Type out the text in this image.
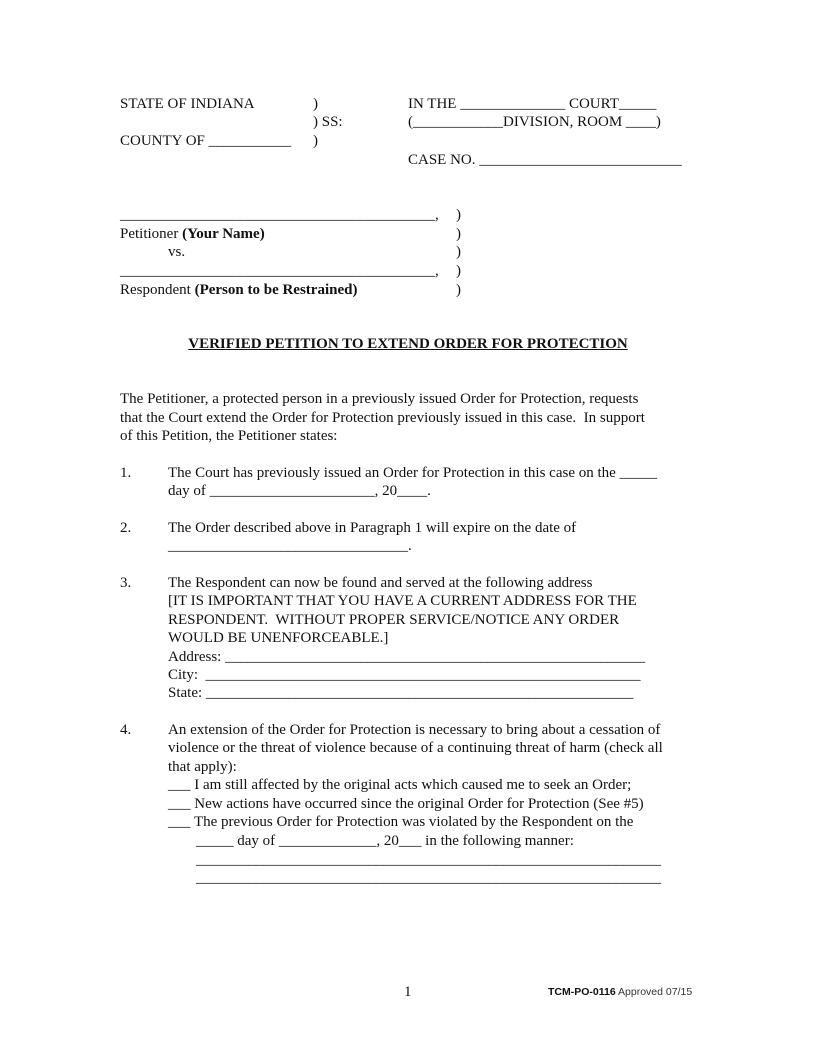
STATE OF INDIANA	)
) SS:
COUNTY OF ___________ )
IN THE ______________ COURT_____
(____________DIVISION, ROOM ____)
CASE NO. ___________________________
__________________________________________,
Petitioner (Your Name)
vs.
__________________________________________,
Respondent (Person to be Restrained)
)
)
)
)
)
VERIFIED PETITION TO EXTEND ORDER FOR PROTECTION
The Petitioner, a protected person in a previously issued Order for Protection, requests
that the Court extend the Order for Protection previously issued in this case.  In support
of this Petition, the Petitioner states:
1. The Court has previously issued an Order for Protection in this case on the _____
day of ______________________, 20____.
2. The Order described above in Paragraph 1 will expire on the date of
________________________________.
3. The Respondent can now be found and served at the following address
[IT IS IMPORTANT THAT YOU HAVE A CURRENT ADDRESS FOR THE
RESPONDENT.  WITHOUT PROPER SERVICE/NOTICE ANY ORDER
WOULD BE UNENFORCEABLE.]
Address: ________________________________________________________
City:  __________________________________________________________
State: _________________________________________________________
4. An extension of the Order for Protection is necessary to bring about a cessation of
violence or the threat of violence because of a continuing threat of harm (check all
that apply):
___ I am still affected by the original acts which caused me to seek an Order;
___ New actions have occurred since the original Order for Protection (See #5)
___ The previous Order for Protection was violated by the Respondent on the
_____ day of _____________, 20___ in the following manner:
______________________________________________________________
______________________________________________________________
1	TCM-PO-0116 Approved 07/15
